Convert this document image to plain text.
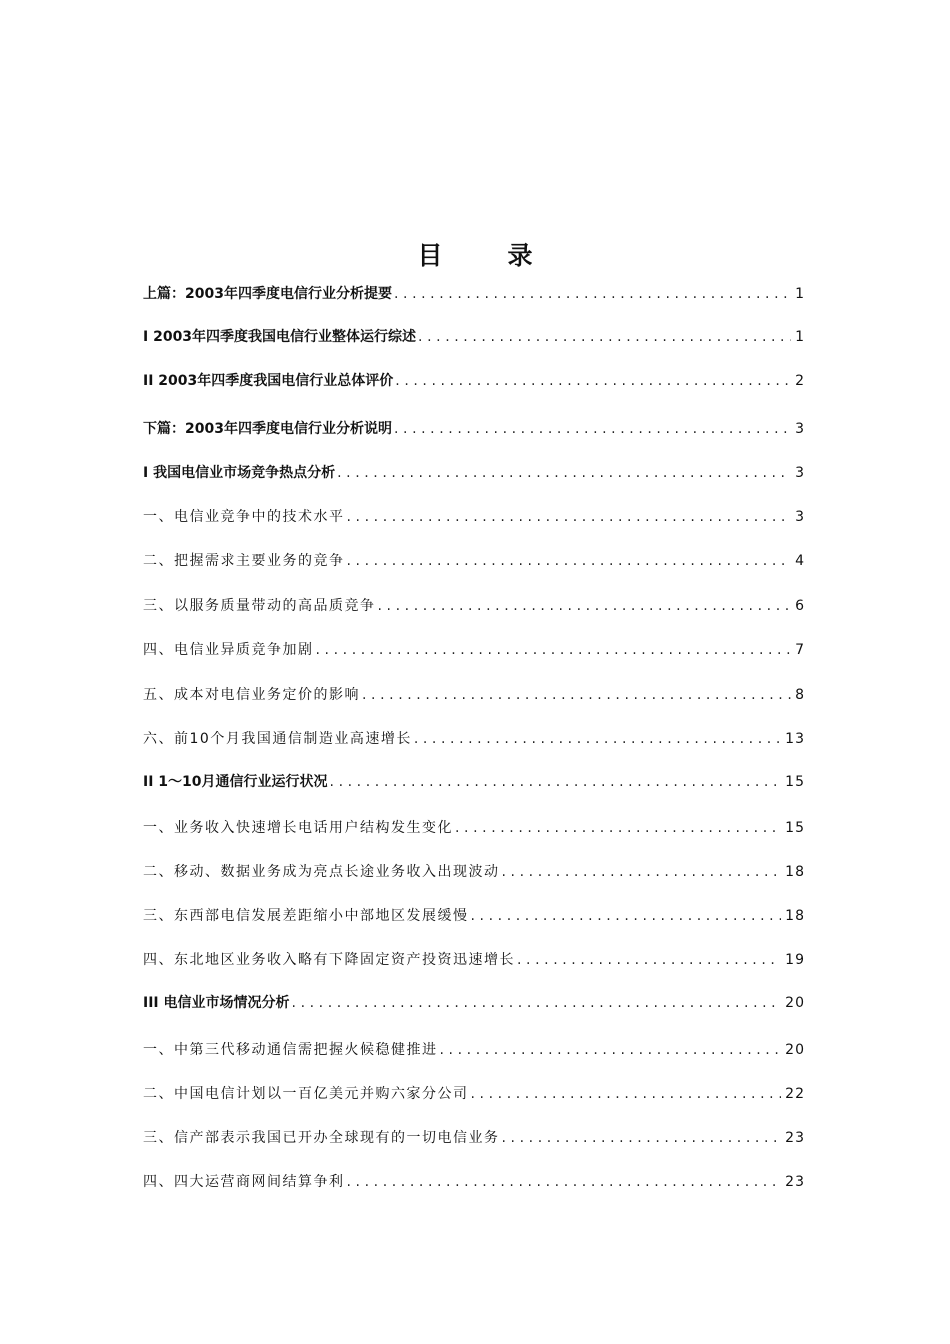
目　录
上篇：2003年四季度电信行业分析提要 .....	1
I 2003年四季度我国电信行业整体运行综述 .....	1
II 2003年四季度我国电信行业总体评价 .....	2
下篇：2003年四季度电信行业分析说明 .....	3
I 我国电信业市场竞争热点分析 .....	3
一、电信业竞争中的技术水平 .....	3
二、把握需求主要业务的竞争 .....	4
三、以服务质量带动的高品质竞争 .....	6
四、电信业异质竞争加剧 .....	7
五、成本对电信业务定价的影响 .....	8
六、前10个月我国通信制造业高速增长 .....	13
II 1～10月通信行业运行状况 .....	15
一、业务收入快速增长电话用户结构发生变化 .....	15
二、移动、数据业务成为亮点长途业务收入出现波动 .....	18
三、东西部电信发展差距缩小中部地区发展缓慢 .....	18
四、东北地区业务收入略有下降固定资产投资迅速增长 .....	19
III 电信业市场情况分析 .....	20
一、中第三代移动通信需把握火候稳健推进 .....	20
二、中国电信计划以一百亿美元并购六家分公司 .....	22
三、信产部表示我国已开办全球现有的一切电信业务 .....	23
四、四大运营商网间结算争利 .....	23
